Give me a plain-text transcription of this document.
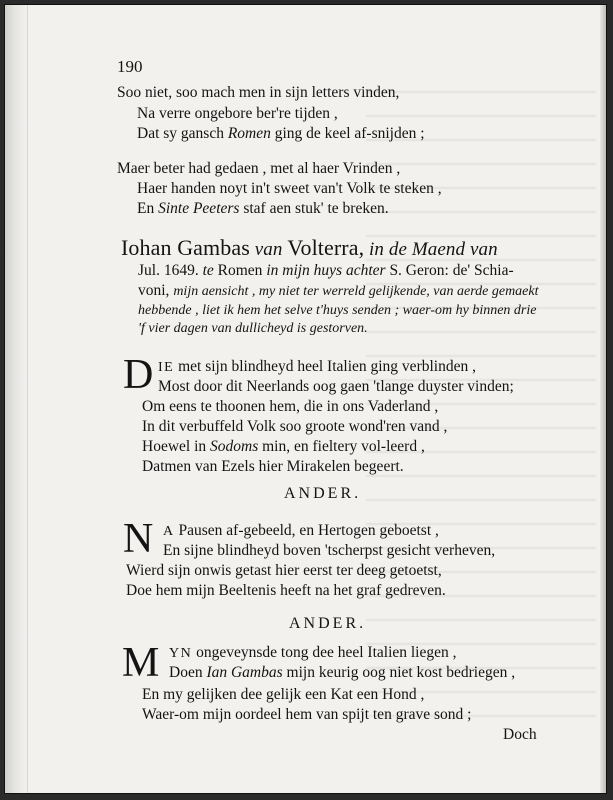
190
Soo niet, soo mach men in sijn letters vinden,
Na verre ongebore ber're tijden ,
Dat sy gansch Romen ging de keel af-snijden ;
Maer beter had gedaen , met al haer Vrinden ,
Haer handen noyt in't sweet van't Volk te steken ,
En Sinte Peeters staf aen stuk' te breken.
Iohan Gambas van Volterra, in de Maend van
Jul. 1649. te Romen in mijn huys achter S. Geron: de' Schia-
voni, mijn aensicht , my niet ter werreld gelijkende, van aerde gemaekt
hebbende , liet ik hem het selve t'huys senden ; waer-om hy binnen drie
'f vier dagen van dullicheyd is gestorven.
D IE met sijn blindheyd heel Italien ging verblinden ,
Most door dit Neerlands oog gaen 'tlange duyster vinden;
Om eens te thoonen hem, die in ons Vaderland ,
In dit verbuffeld Volk soo groote wond'ren vand ,
Hoewel in Sodoms min, en fieltery vol-leerd ,
Datmen van Ezels hier Mirakelen begeert.
ANDER.
N A Pausen af-gebeeld, en Hertogen geboetst ,
En sijne blindheyd boven 'tscherpst gesicht verheven,
Wierd sijn onwis getast hier eerst ter deeg getoetst,
Doe hem mijn Beeltenis heeft na het graf gedreven.
ANDER.
M YN ongeveynsde tong dee heel Italien liegen ,
Doen Ian Gambas mijn keurig oog niet kost bedriegen ,
En my gelijken dee gelijk een Kat een Hond ,
Waer-om mijn oordeel hem van spijt ten grave sond ;
Doch
